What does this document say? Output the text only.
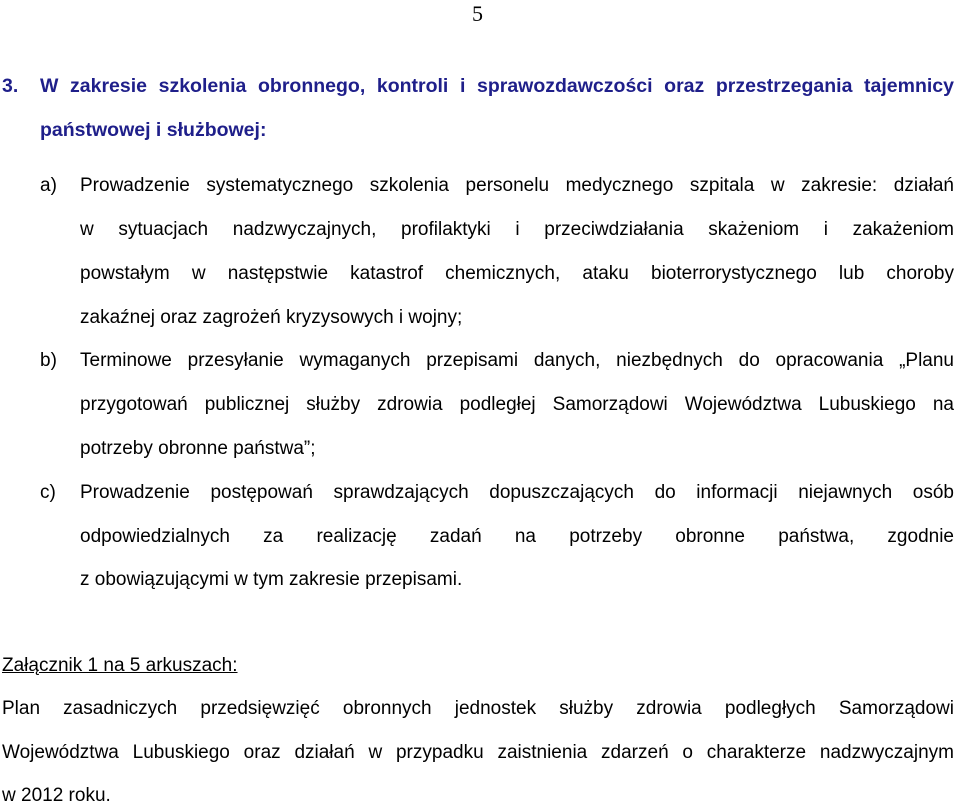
5
3. W zakresie szkolenia obronnego, kontroli i sprawozdawczości oraz przestrzegania tajemnicy
państwowej i służbowej:
a) Prowadzenie systematycznego szkolenia personelu medycznego szpitala w zakresie: działań
w sytuacjach nadzwyczajnych, profilaktyki i przeciwdziałania skażeniom i zakażeniom
powstałym w następstwie katastrof chemicznych, ataku bioterrorystycznego lub choroby
zakaźnej oraz zagrożeń kryzysowych i wojny;
b) Terminowe przesyłanie wymaganych przepisami danych, niezbędnych do opracowania „Planu
przygotowań publicznej służby zdrowia podległej Samorządowi Województwa Lubuskiego na
potrzeby obronne państwa”;
c) Prowadzenie postępowań sprawdzających dopuszczających do informacji niejawnych osób
odpowiedzialnych za realizację zadań na potrzeby obronne państwa, zgodnie
z obowiązującymi w tym zakresie przepisami.
Załącznik 1 na 5 arkuszach:
Plan zasadniczych przedsięwzięć obronnych jednostek służby zdrowia podległych Samorządowi
Województwa Lubuskiego oraz działań w przypadku zaistnienia zdarzeń o charakterze nadzwyczajnym
w 2012 roku.
